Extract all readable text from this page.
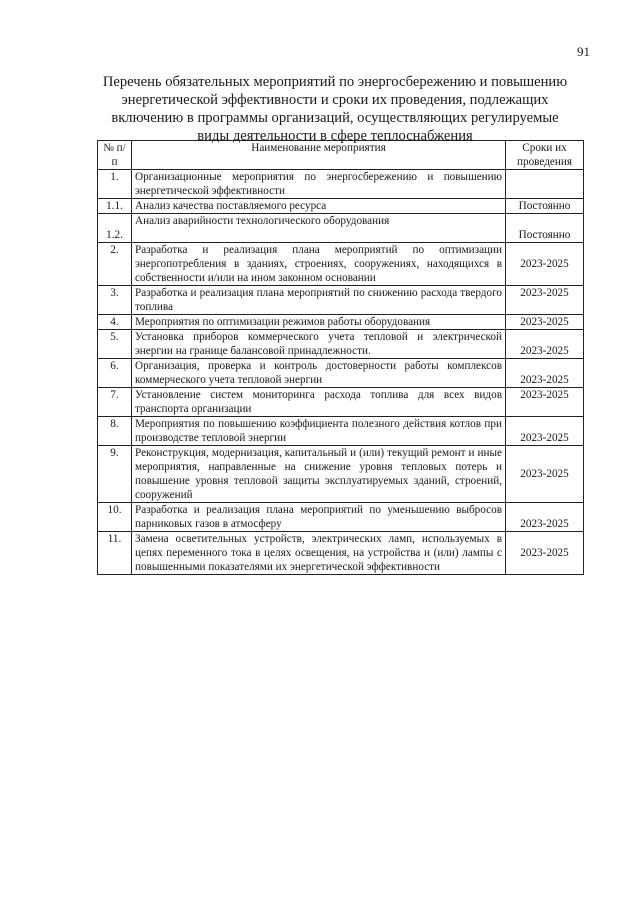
91
Перечень обязательных мероприятий по энергосбережению и повышению
энергетической эффективности и сроки их проведения, подлежащих
включению в программы организаций, осуществляющих регулируемые
виды деятельности в сфере теплоснабжения
№ п/п	Наименование мероприятия	Сроки их проведения
1.	Организационные мероприятия по энергосбережению и повышению энергетической эффективности	
1.1.	Анализ качества поставляемого ресурса	Постоянно
1.2.	Анализ аварийности технологического оборудования	Постоянно
2.	Разработка и реализация плана мероприятий по оптимизации энергопотребления в зданиях, строениях, сооружениях, находящихся в собственности и/или на ином законном основании	2023-2025
3.	Разработка и реализация плана мероприятий по снижению расхода твердого топлива	2023-2025
4.	Мероприятия по оптимизации режимов работы оборудования	2023-2025
5.	Установка приборов коммерческого учета тепловой и электрической энергии на границе балансовой принадлежности.	2023-2025
6.	Организация, проверка и контроль достоверности работы комплексов коммерческого учета тепловой энергии	2023-2025
7.	Установление систем мониторинга расхода топлива для всех видов транспорта организации	2023-2025
8.	Мероприятия по повышению коэффициента полезного действия котлов при производстве тепловой энергии	2023-2025
9.	Реконструкция, модернизация, капитальный и (или) текущий ремонт и иные мероприятия, направленные на снижение уровня тепловых потерь и повышение уровня тепловой защиты эксплуатируемых зданий, строений, сооружений	2023-2025
10.	Разработка и реализация плана мероприятий по уменьшению выбросов парниковых газов в атмосферу	2023-2025
11.	Замена осветительных устройств, электрических ламп, используемых в цепях переменного тока в целях освещения, на устройства и (или) лампы с повышенными показателями их энергетической эффективности	2023-2025
